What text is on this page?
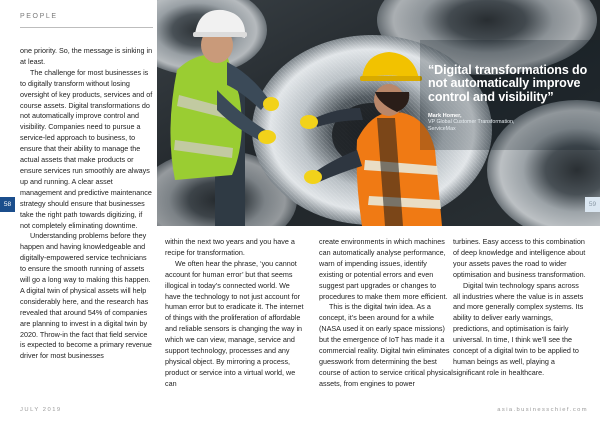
PEOPLE
“Digital transformations do not automatically improve control and visibility”
Mark Homer,
VP Global Customer Transformation,
ServiceMax
58	59

one priority. So, the message is sinking in at least.

The challenge for most businesses is to digitally transform without losing oversight of key products, services and of course assets. Digital transformations do not automatically improve control and visibility. Companies need to pursue a service-led approach to business, to ensure that their ability to manage the actual assets that make products or ensure services run smoothly are always up and running. A clear asset management and predictive maintenance strategy should ensure that businesses take the right path towards digitizing, if not completely eliminating downtime.

Understanding problems before they happen and having knowledgeable and digitally-empowered service technicians to ensure the smooth running of assets will go a long way to making this happen. A digital twin of physical assets will help considerably here, and the research has revealed that around 54% of companies are planning to invest in a digital twin by 2020. Throw-in the fact that field service is expected to become a primary revenue driver for most businesses

within the next two years and you have a recipe for transformation.

We often hear the phrase, ‘you cannot account for human error’ but that seems illogical in today’s connected world. We have the technology to not just account for human error but to eradicate it. The internet of things with the proliferation of affordable and reliable sensors is changing the way in which we can view, manage, service and support technology, processes and any physical object. By mirroring a process, product or service into a virtual world, we can

create environments in which machines can automatically analyse performance, warn of impending issues, identify existing or potential errors and even suggest part upgrades or changes to procedures to make them more efficient.

This is the digital twin idea. As a concept, it’s been around for a while (NASA used it on early space missions) but the emergence of IoT has made it a commercial reality. Digital twin eliminates guesswork from determining the best course of action to service critical physical assets, from engines to power

turbines. Easy access to this combination of deep knowledge and intelligence about your assets paves the road to wider optimisation and business transformation.

Digital twin technology spans across all industries where the value is in assets and more generally complex systems. Its ability to deliver early warnings, predictions, and optimisation is fairly universal. In time, I think we’ll see the concept of a digital twin to be applied to human beings as well, playing a significant role in healthcare.

JULY 2019	asia.businesschief.com
